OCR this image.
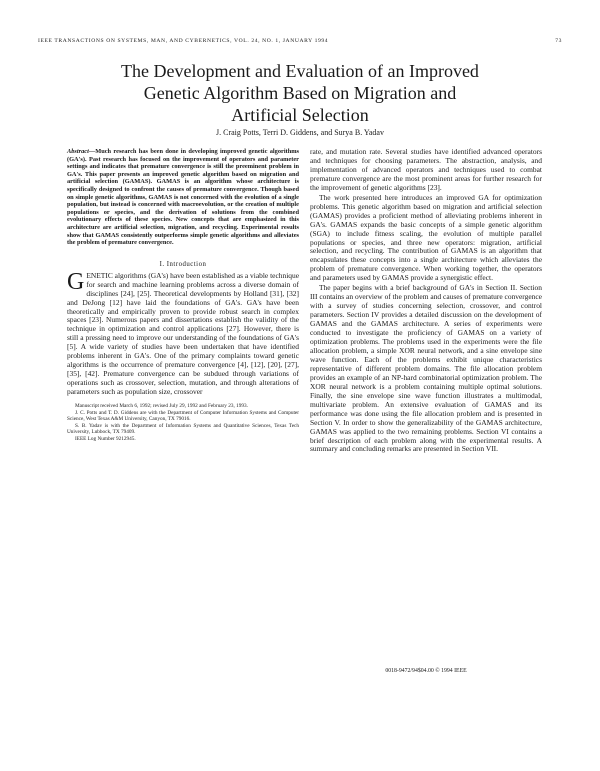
IEEE TRANSACTIONS ON SYSTEMS, MAN, AND CYBERNETICS, VOL. 24, NO. 1, JANUARY 1994	73
The Development and Evaluation of an Improved
Genetic Algorithm Based on Migration and
Artificial Selection
J. Craig Potts, Terri D. Giddens, and Surya B. Yadav

Abstract—Much research has been done in developing improved genetic algorithms (GA's). Past research has focused on the improvement of operators and parameter settings and indicates that premature convergence is still the preeminent problem in GA's. This paper presents an improved genetic algorithm based on migration and artificial selection (GAMAS). GAMAS is an algorithm whose architecture is specifically designed to confront the causes of premature convergence. Though based on simple genetic algorithms, GAMAS is not concerned with the evolution of a single population, but instead is concerned with macroevolution, or the creation of multiple populations or species, and the derivation of solutions from the combined evolutionary effects of these species. New concepts that are emphasized in this architecture are artificial selection, migration, and recycling. Experimental results show that GAMAS consistently outperforms simple genetic algorithms and alleviates the problem of premature convergence.

I. Introduction

GENETIC algorithms (GA's) have been established as a viable technique for search and machine learning problems across a diverse domain of disciplines [24], [25]. Theoretical developments by Holland [31], [32] and DeJong [12] have laid the foundations of GA's. GA's have been theoretically and empirically proven to provide robust search in complex spaces [23]. Numerous papers and dissertations establish the validity of the technique in optimization and control applications [27]. However, there is still a pressing need to improve our understanding of the foundations of GA's [5]. A wide variety of studies have been undertaken that have identified problems inherent in GA's. One of the primary complaints toward genetic algorithms is the occurrence of premature convergence [4], [12], [20], [27], [35], [42]. Premature convergence can be subdued through variations of operations such as crossover, selection, mutation, and through alterations of parameters such as population size, crossover

Manuscript received March 6, 1992; revised July 29, 1992 and February 23, 1993.

J. C. Potts and T. D. Giddens are with the Department of Computer Information Systems and Computer Science, West Texas A&M University, Canyon, TX 79016.

S. B. Yadav is with the Department of Information Systems and Quantitative Sciences, Texas Tech University, Lubbock, TX 79409.

IEEE Log Number 9212945.

rate, and mutation rate. Several studies have identified advanced operators and techniques for choosing parameters. The abstraction, analysis, and implementation of advanced operators and techniques used to combat premature convergence are the most prominent areas for further research for the improvement of genetic algorithms [23].

The work presented here introduces an improved GA for optimization problems. This genetic algorithm based on migration and artificial selection (GAMAS) provides a proficient method of alleviating problems inherent in GA's. GAMAS expands the basic concepts of a simple genetic algorithm (SGA) to include fitness scaling, the evolution of multiple parallel populations or species, and three new operators: migration, artificial selection, and recycling. The contribution of GAMAS is an algorithm that encapsulates these concepts into a single architecture which alleviates the problem of premature convergence. When working together, the operators and parameters used by GAMAS provide a synergistic effect.

The paper begins with a brief background of GA's in Section II. Section III contains an overview of the problem and causes of premature convergence with a survey of studies concerning selection, crossover, and control parameters. Section IV provides a detailed discussion on the development of GAMAS and the GAMAS architecture. A series of experiments were conducted to investigate the proficiency of GAMAS on a variety of optimization problems. The problems used in the experiments were the file allocation problem, a simple XOR neural network, and a sine envelope sine wave function. Each of the problems exhibit unique characteristics representative of different problem domains. The file allocation problem provides an example of an NP-hard combinatorial optimization problem. The XOR neural network is a problem containing multiple optimal solutions. Finally, the sine envelope sine wave function illustrates a multimodal, multivariate problem. An extensive evaluation of GAMAS and its performance was done using the file allocation problem and is presented in Section V. In order to show the generalizability of the GAMAS architecture, GAMAS was applied to the two remaining problems. Section VI contains a brief description of each problem along with the experimental results. A summary and concluding remarks are presented in Section VII.

0018-9472/94$04.00 © 1994 IEEE
